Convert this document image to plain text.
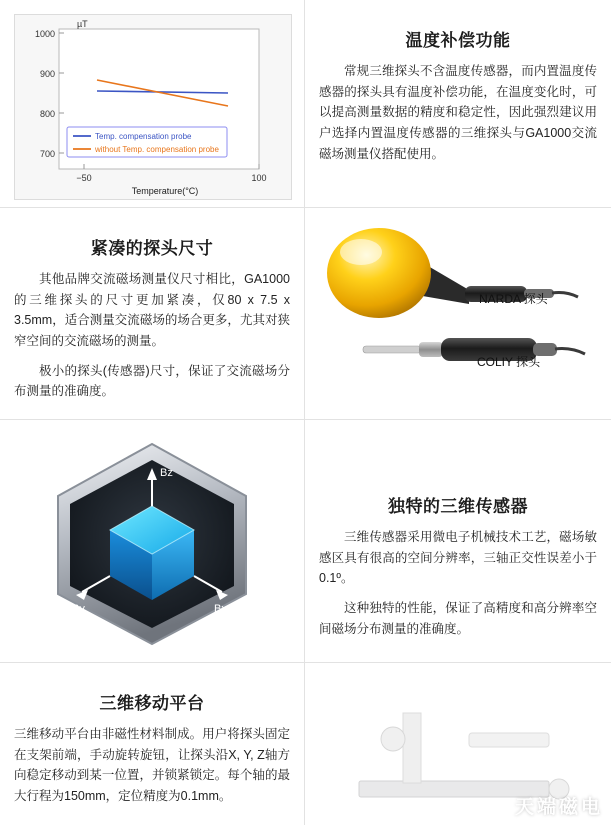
µT
1000
900
800
700
−50	100
Temperature(°C)
Temp. compensation probe
without Temp. compensation probe
温度补偿功能

常规三维探头不含温度传感器，而内置温度传感器的探头具有温度补偿功能，在温度变化时，可以提高测量数据的精度和稳定性，因此强烈建议用户选择内置温度传感器的三维探头与GA1000交流磁场测量仪搭配使用。

紧凑的探头尺寸

其他品牌交流磁场测量仪尺寸相比，GA1000的三维探头的尺寸更加紧凑，仅80 x 7.5 x 3.5mm，适合测量交流磁场的场合更多，尤其对狭窄空间的交流磁场的测量。

极小的探头(传感器)尺寸，保证了交流磁场分布测量的准确度。

NARDA 探头
COLIY 探头
Bz
By	Bx
独特的三维传感器

三维传感器采用微电子机械技术工艺，磁场敏感区具有很高的空间分辨率，三轴正交性误差小于0.1º。

这种独特的性能，保证了高精度和高分辨率空间磁场分布测量的准确度。

三维移动平台

三维移动平台由非磁性材料制成。用户将探头固定在支架前端，手动旋转旋钮，让探头沿X, Y, Z轴方向稳定移动到某一位置，并锁紧锁定。每个轴的最大行程为150mm，定位精度为0.1mm。

天端磁电
